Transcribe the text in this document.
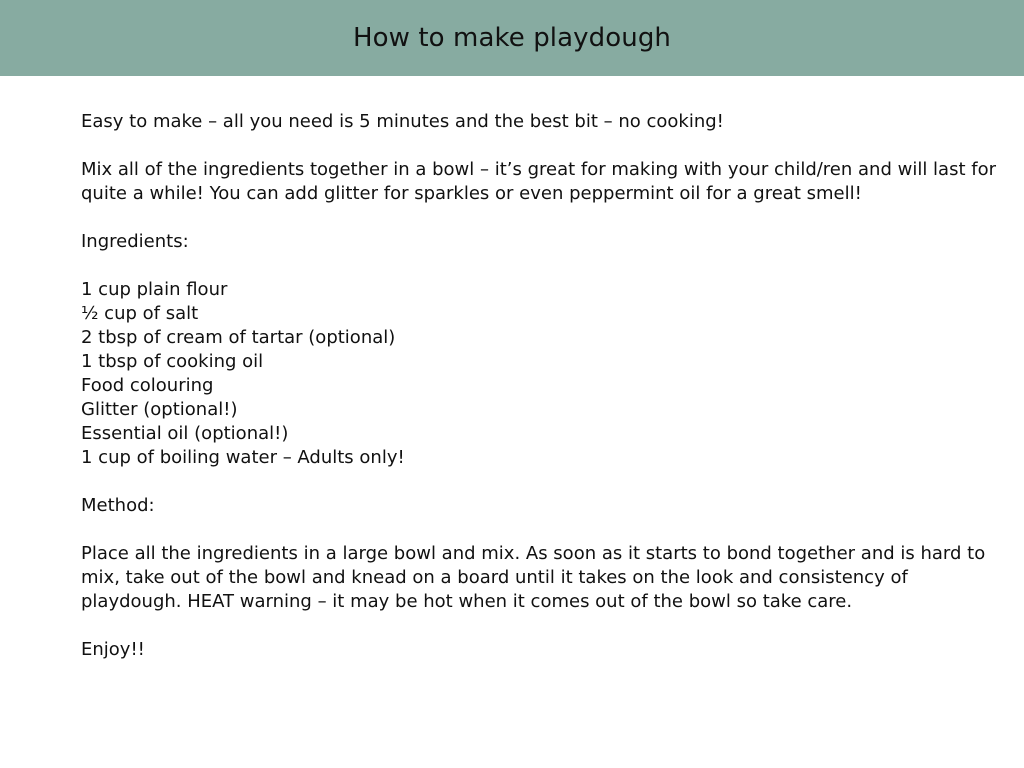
How to make playdough

Easy to make – all you need is 5 minutes and the best bit – no cooking!

Mix all of the ingredients together in a bowl – it’s great for making with your child/ren and will last for quite a while! You can add glitter for sparkles or even peppermint oil for a great smell!

Ingredients:

1 cup plain flour
½ cup of salt
2 tbsp of cream of tartar (optional)
1 tbsp of cooking oil
Food colouring
Glitter (optional!)
Essential oil (optional!)
1 cup of boiling water – Adults only!

Method:

Place all the ingredients in a large bowl and mix. As soon as it starts to bond together and is hard to mix, take out of the bowl and knead on a board until it takes on the look and consistency of playdough. HEAT warning – it may be hot when it comes out of the bowl so take care.

Enjoy!!
